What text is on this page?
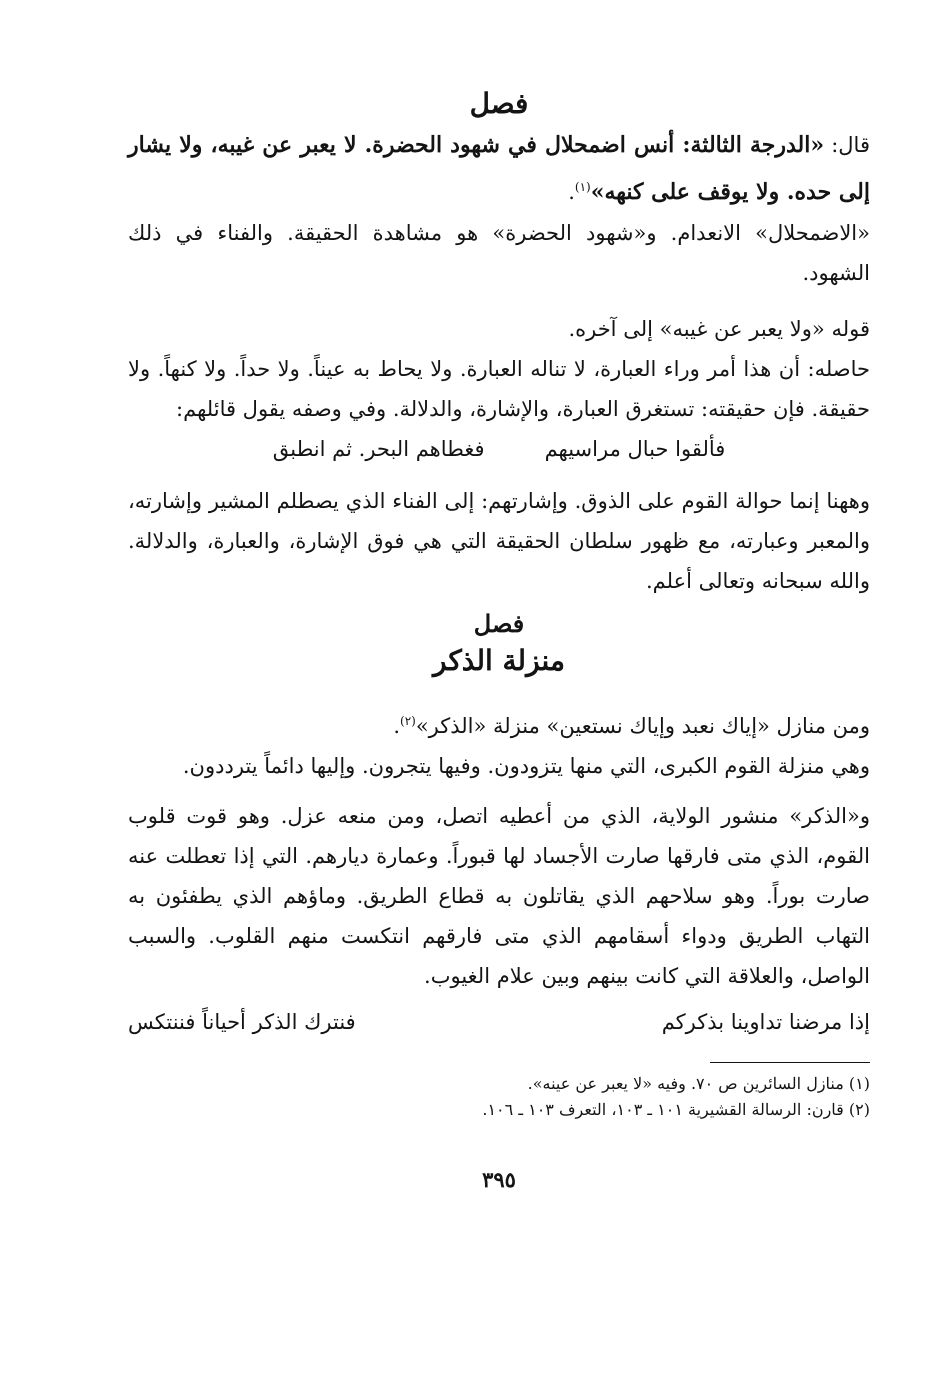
فصل

قال: «الدرجة الثالثة: أنس اضمحلال في شهود الحضرة. لا يعبر عن غيبه، ولا يشار إلى حده. ولا يوقف على كنهه»$^{(١)}$.

«الاضمحلال» الانعدام. و«شهود الحضرة» هو مشاهدة الحقيقة. والفناء في ذلك الشهود.

قوله «ولا يعبر عن غيبه» إلى آخره.

حاصله: أن هذا أمر وراء العبارة، لا تناله العبارة. ولا يحاط به عيناً. ولا حداً. ولا كنهاً. ولا حقيقة. فإن حقيقته: تستغرق العبارة، والإشارة، والدلالة. وفي وصفه يقول قائلهم:

فألقوا حبال مراسيهم
فغطاهم البحر. ثم انطبق

وههنا إنما حوالة القوم على الذوق. وإشارتهم: إلى الفناء الذي يصطلم المشير وإشارته، والمعبر وعبارته، مع ظهور سلطان الحقيقة التي هي فوق الإشارة، والعبارة، والدلالة. والله سبحانه وتعالى أعلم.

فصل
منزلة الذكر

ومن منازل «إياك نعبد وإياك نستعين» منزلة «الذكر»$^{(٢)}$.

وهي منزلة القوم الكبرى، التي منها يتزودون. وفيها يتجرون. وإليها دائماً يترددون.

و«الذكر» منشور الولاية، الذي من أعطيه اتصل، ومن منعه عزل. وهو قوت قلوب القوم، الذي متى فارقها صارت الأجساد لها قبوراً. وعمارة ديارهم. التي إذا تعطلت عنه صارت بوراً. وهو سلاحهم الذي يقاتلون به قطاع الطريق. وماؤهم الذي يطفئون به التهاب الطريق ودواء أسقامهم الذي متى فارقهم انتكست منهم القلوب. والسبب الواصل، والعلاقة التي كانت بينهم وبين علام الغيوب.

إذا مرضنا تداوينا بذكركم
فنترك الذكر أحياناً فننتكس

(١) منازل السائرين ص ٧٠. وفيه «لا يعبر عن عينه».

(٢) قارن: الرسالة القشيرية ١٠١ ـ ١٠٣، التعرف ١٠٣ ـ ١٠٦.

٣٩٥
